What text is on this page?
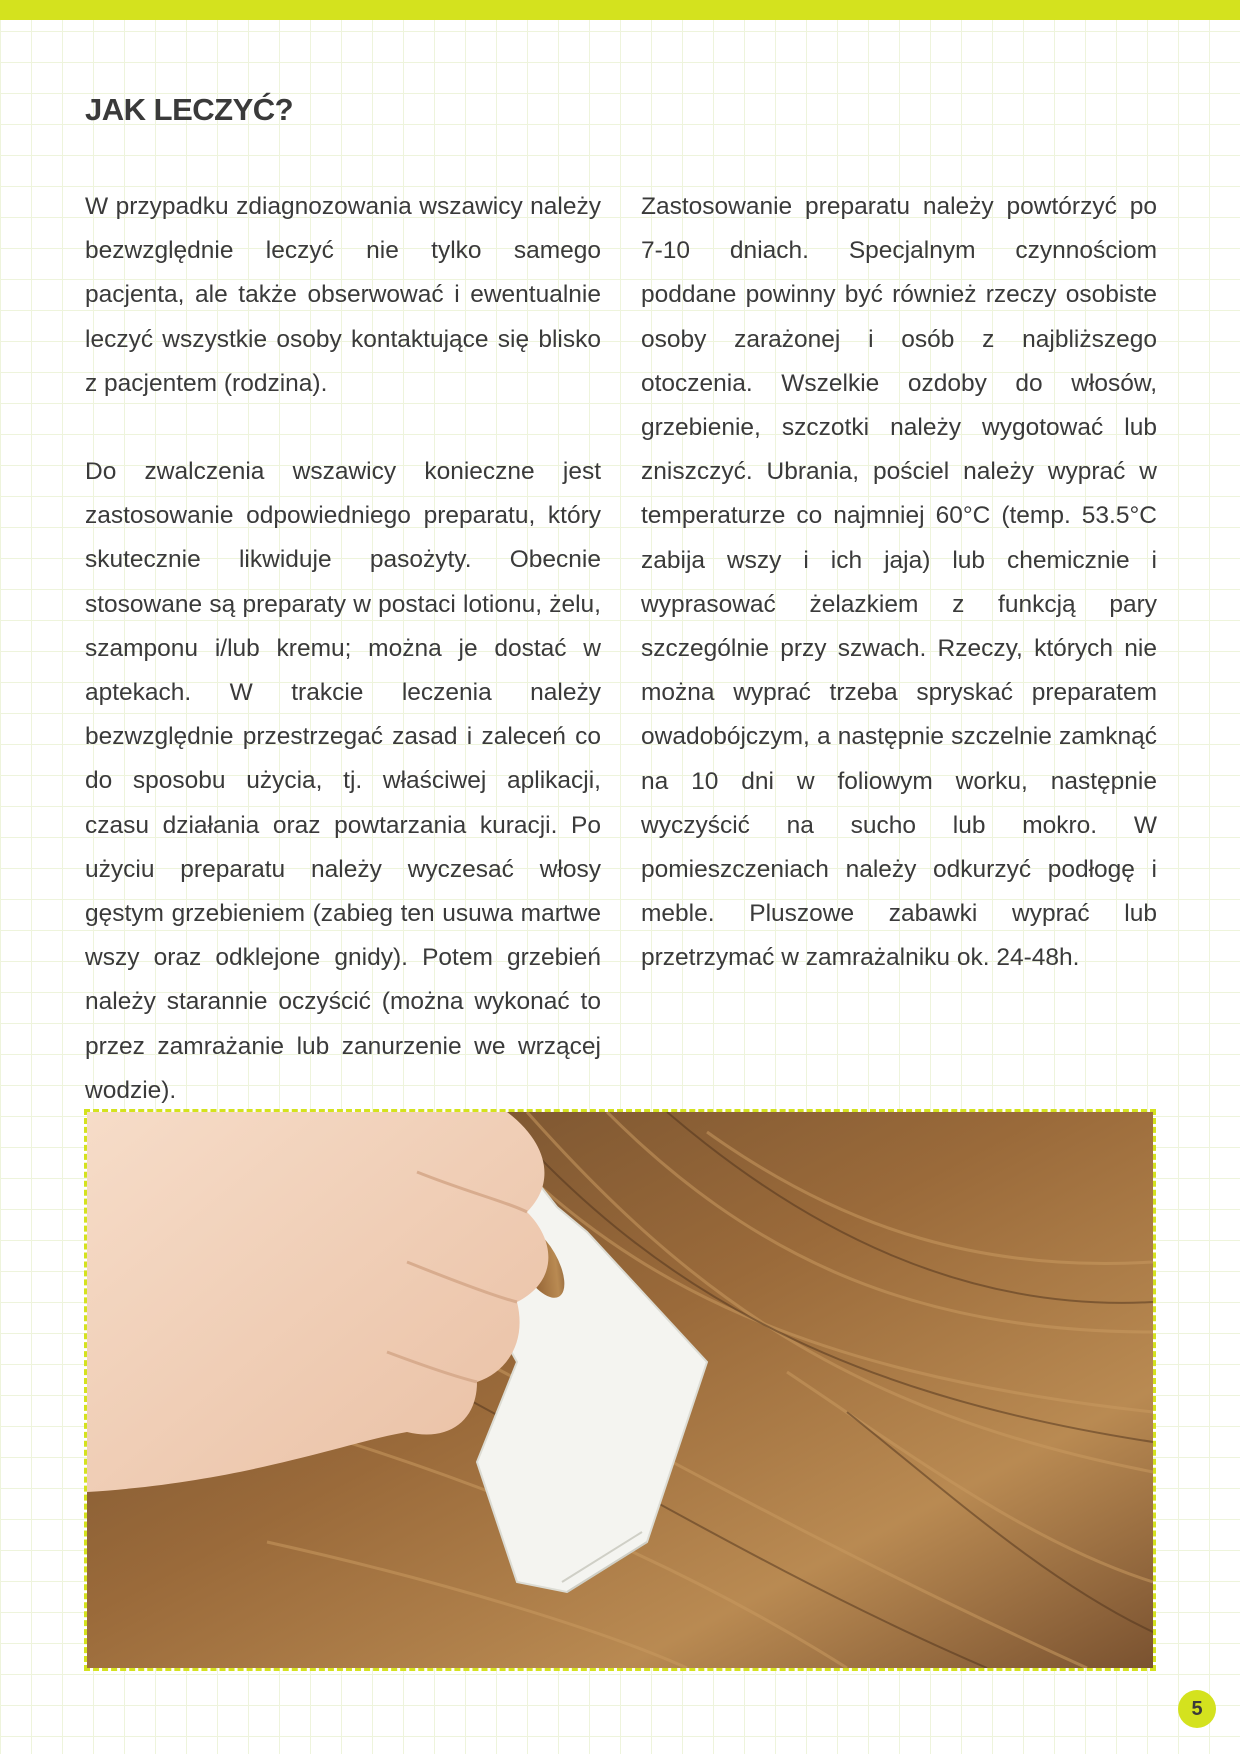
JAK LECZYĆ?

W przypadku zdiagnozowania wszawicy należy bezwzględnie leczyć nie tylko samego pacjenta, ale także obserwować i ewentualnie leczyć wszystkie osoby kontaktujące się blisko z pacjentem (rodzina).

Do zwalczenia wszawicy konieczne jest zastosowanie odpowiedniego preparatu, który skutecznie likwiduje pasożyty. Obecnie stosowane są preparaty w postaci lotionu, żelu, szamponu i/lub kremu; można je dostać w aptekach. W trakcie leczenia należy bezwzględnie przestrzegać zasad i zaleceń co do sposobu użycia, tj. właściwej aplikacji, czasu działania oraz powtarzania kuracji. Po użyciu preparatu należy wyczesać włosy gęstym grzebieniem (zabieg ten usuwa martwe wszy oraz odklejone gnidy). Potem grzebień należy starannie oczyścić (można wykonać to przez zamrażanie lub zanurzenie we wrzącej wodzie).

Zastosowanie preparatu należy powtórzyć po 7-10 dniach. Specjalnym czynnościom poddane powinny być również rzeczy osobiste osoby zarażonej i osób z najbliższego otoczenia. Wszelkie ozdoby do włosów, grzebienie, szczotki należy wygotować lub zniszczyć. Ubrania, pościel należy wyprać w temperaturze co najmniej 60°C (temp. 53.5°C zabija wszy i ich jaja) lub chemicznie i wyprasować żelazkiem z funkcją pary szczególnie przy szwach. Rzeczy, których nie można wyprać trzeba spryskać preparatem owadobójczym, a następnie szczelnie zamknąć na 10 dni w foliowym worku, następnie wyczyścić na sucho lub mokro. W pomieszczeniach należy odkurzyć podłogę i meble. Pluszowe zabawki wyprać lub przetrzymać w zamrażalniku ok. 24-48h.

5
